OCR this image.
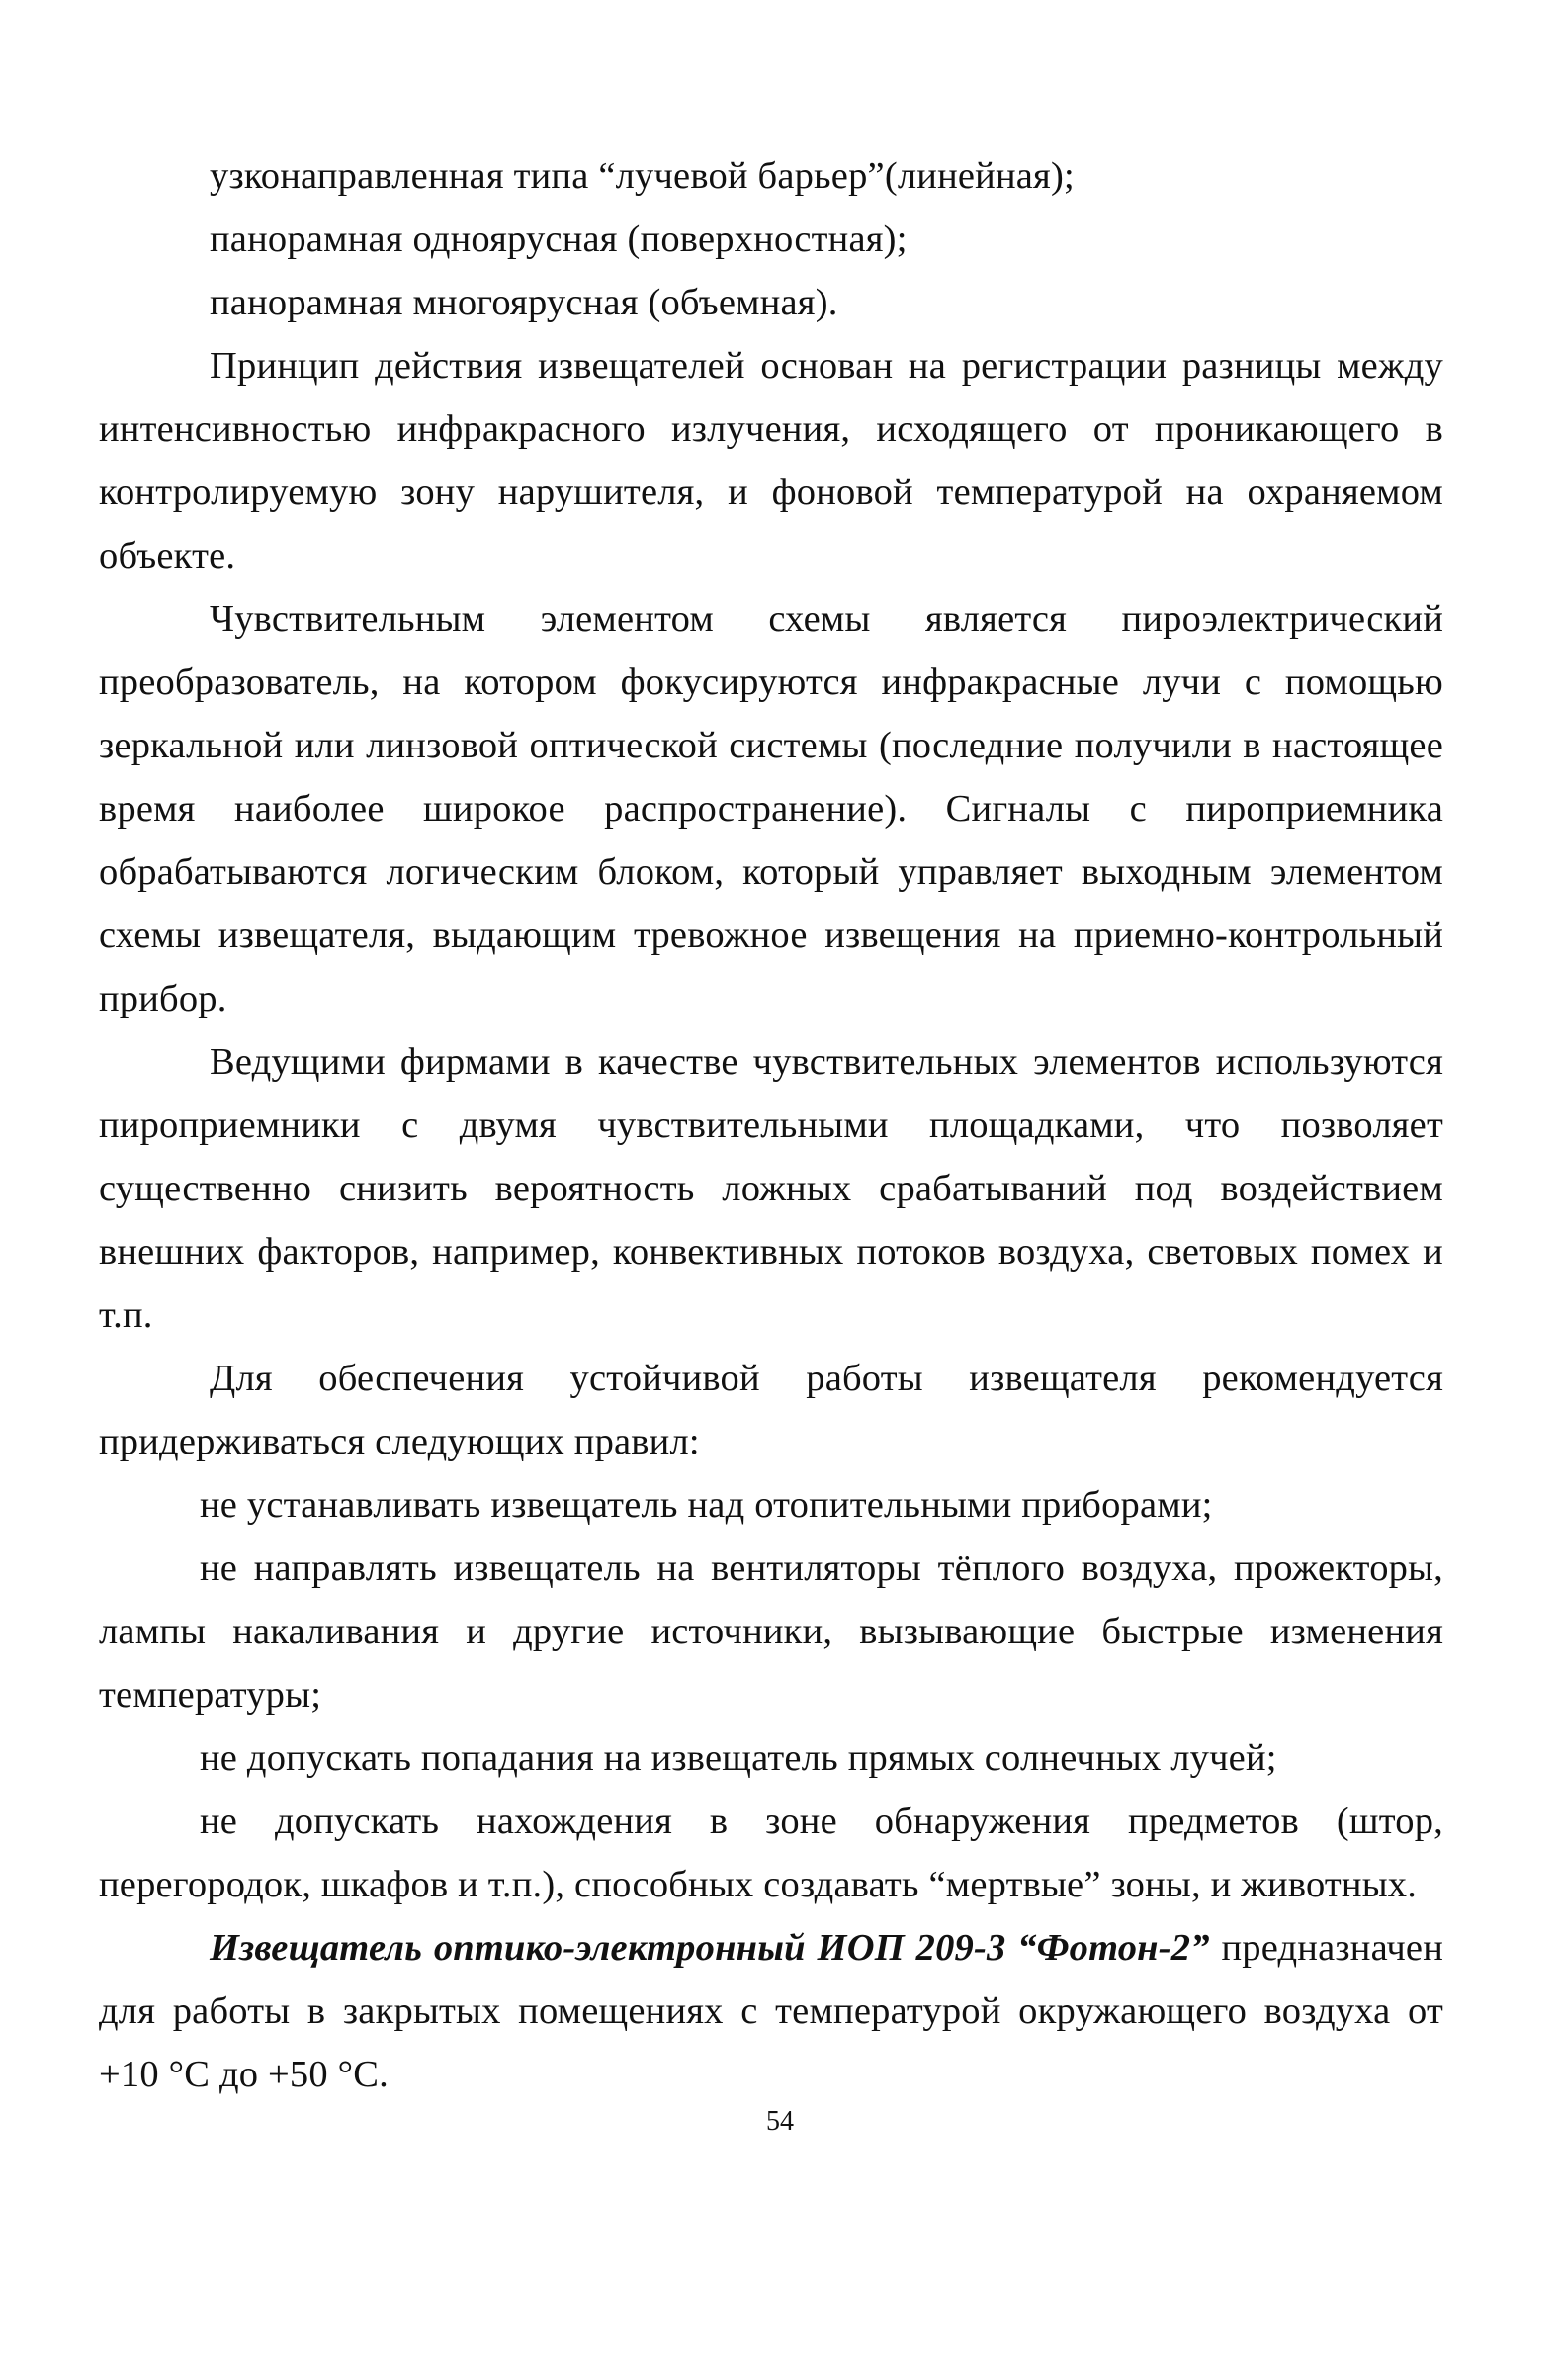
узконаправленная типа “лучевой барьер”(линейная);

панорамная одноярусная (поверхностная);

панорамная многоярусная (объемная).

Принцип действия извещателей основан на регистрации разницы между интенсивностью инфракрасного излучения, исходящего от проникающего в контролируемую зону нарушителя, и фоновой температурой на охраняемом объекте.

Чувствительным элементом схемы является пироэлектрический преобразователь, на котором фокусируются инфракрасные лучи с помощью зеркальной или линзовой оптической системы (последние получили в настоящее время наиболее широкое распространение). Сигналы с пироприемника обрабатываются логическим блоком, который управляет выходным элементом схемы извещателя, выдающим тревожное извещения на приемно-контрольный прибор.

Ведущими фирмами в качестве чувствительных элементов используются пироприемники с двумя чувствительными площадками, что позволяет существенно снизить вероятность ложных срабатываний под воздействием внешних факторов, например, конвективных потоков воздуха, световых помех и т.п.

Для обеспечения устойчивой работы извещателя рекомендуется придерживаться следующих правил:

не устанавливать извещатель над отопительными приборами;

не направлять извещатель на вентиляторы тёплого воздуха, прожекторы, лампы накаливания и другие источники, вызывающие быстрые изменения температуры;

не допускать попадания на извещатель прямых солнечных лучей;

не допускать нахождения в зоне обнаружения предметов (штор, перегородок, шкафов и т.п.), способных создавать “мертвые” зоны, и животных.

Извещатель оптико-электронный ИОП 209-3 “Фотон-2” предназначен для работы в закрытых помещениях с температурой окружающего воздуха от +10 °С до +50 °С.

54
